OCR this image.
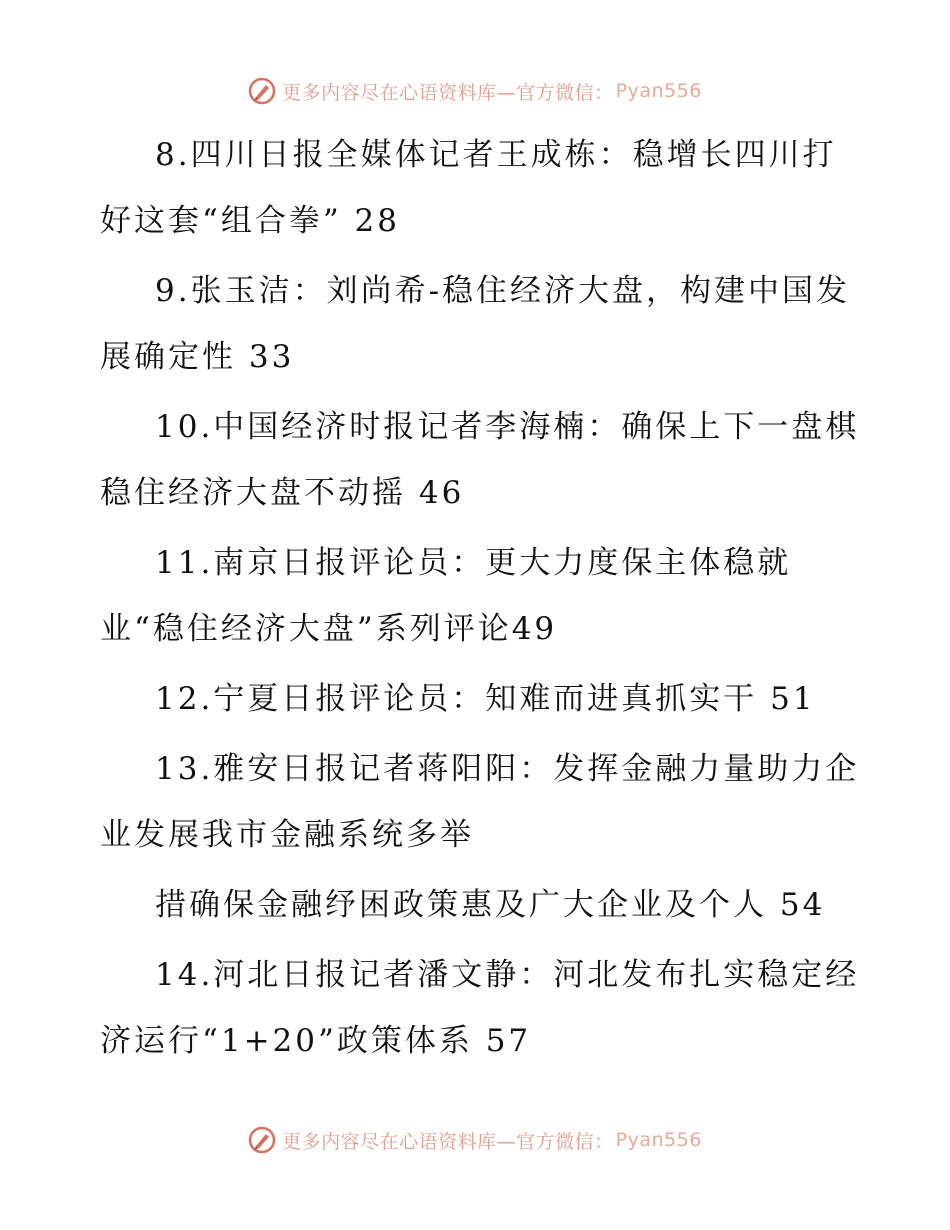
更多内容尽在心语资料库—官方微信： Pyan556

8.四川日报全媒体记者王成栋：稳增长四川打好这套“组合拳” 28

9.张玉洁：刘尚希-稳住经济大盘，构建中国发展确定性 33

10.中国经济时报记者李海楠：确保上下一盘棋稳住经济大盘不动摇 46

11.南京日报评论员：更大力度保主体稳就业“稳住经济大盘”系列评论49

12.宁夏日报评论员：知难而进真抓实干 51

13.雅安日报记者蒋阳阳：发挥金融力量助力企业发展我市金融系统多举

措确保金融纾困政策惠及广大企业及个人 54

14.河北日报记者潘文静：河北发布扎实稳定经济运行“1+20”政策体系 57

更多内容尽在心语资料库—官方微信： Pyan556
